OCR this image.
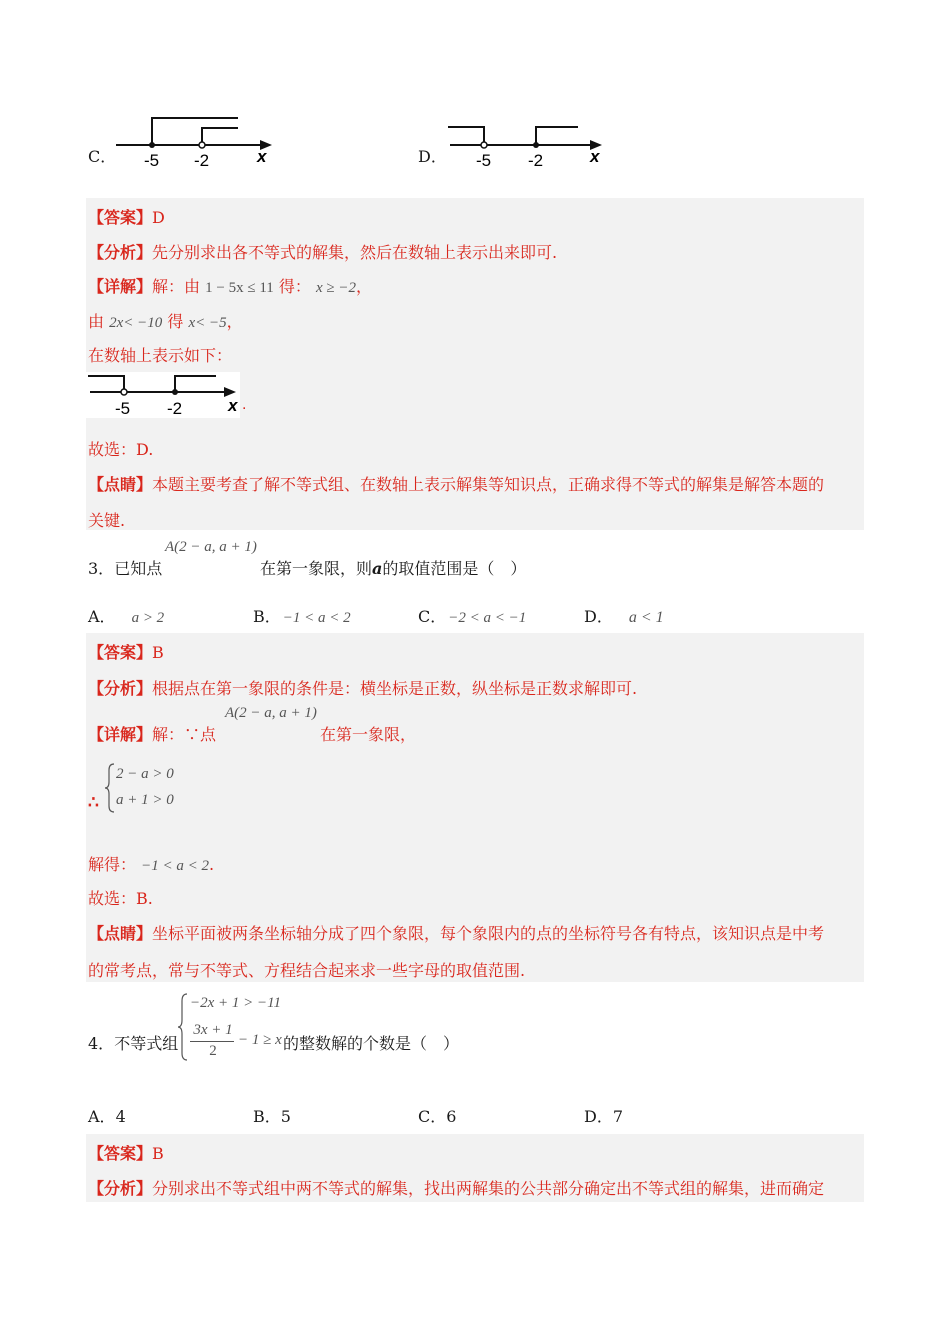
C． -5 -2	x	D． -5 -2	x
【答案】D
【分析】先分别求出各不等式的解集，然后在数轴上表示出来即可.
【详解】解：由 1 − 5x ≤ 11 得： x ≥ −2，
由 2x< −10 得 x< −5，
在数轴上表示如下：
-5 -2	x .
故选：D.
【点睛】本题主要考查了解不等式组、在数轴上表示解集等知识点，正确求得不等式的解集是解答本题的
关键.
3．已知点
A(2 − a, a + 1)
在第一象限，则a的取值范围是（　）
A． a > 2	B． −1 < a < 2	C． −2 < a < −1	D． a < 1
【答案】B
【分析】根据点在第一象限的条件是：横坐标是正数，纵坐标是正数求解即可.
【详解】解：∵点
A(2 − a, a + 1)
在第一象限，
∴
2 − a > 0
a + 1 > 0
解得： −1 < a < 2.
故选：B.
【点睛】坐标平面被两条坐标轴分成了四个象限，每个象限内的点的坐标符号各有特点，该知识点是中考
的常考点，常与不等式、方程结合起来求一些字母的取值范围.
4．不等式组
−2x + 1 > −11
3x + 1
2
− 1 ≥ x 的整数解的个数是（　）
A．4	B．5	C．6	D．7
【答案】B
【分析】分别求出不等式组中两不等式的解集，找出两解集的公共部分确定出不等式组的解集，进而确定
